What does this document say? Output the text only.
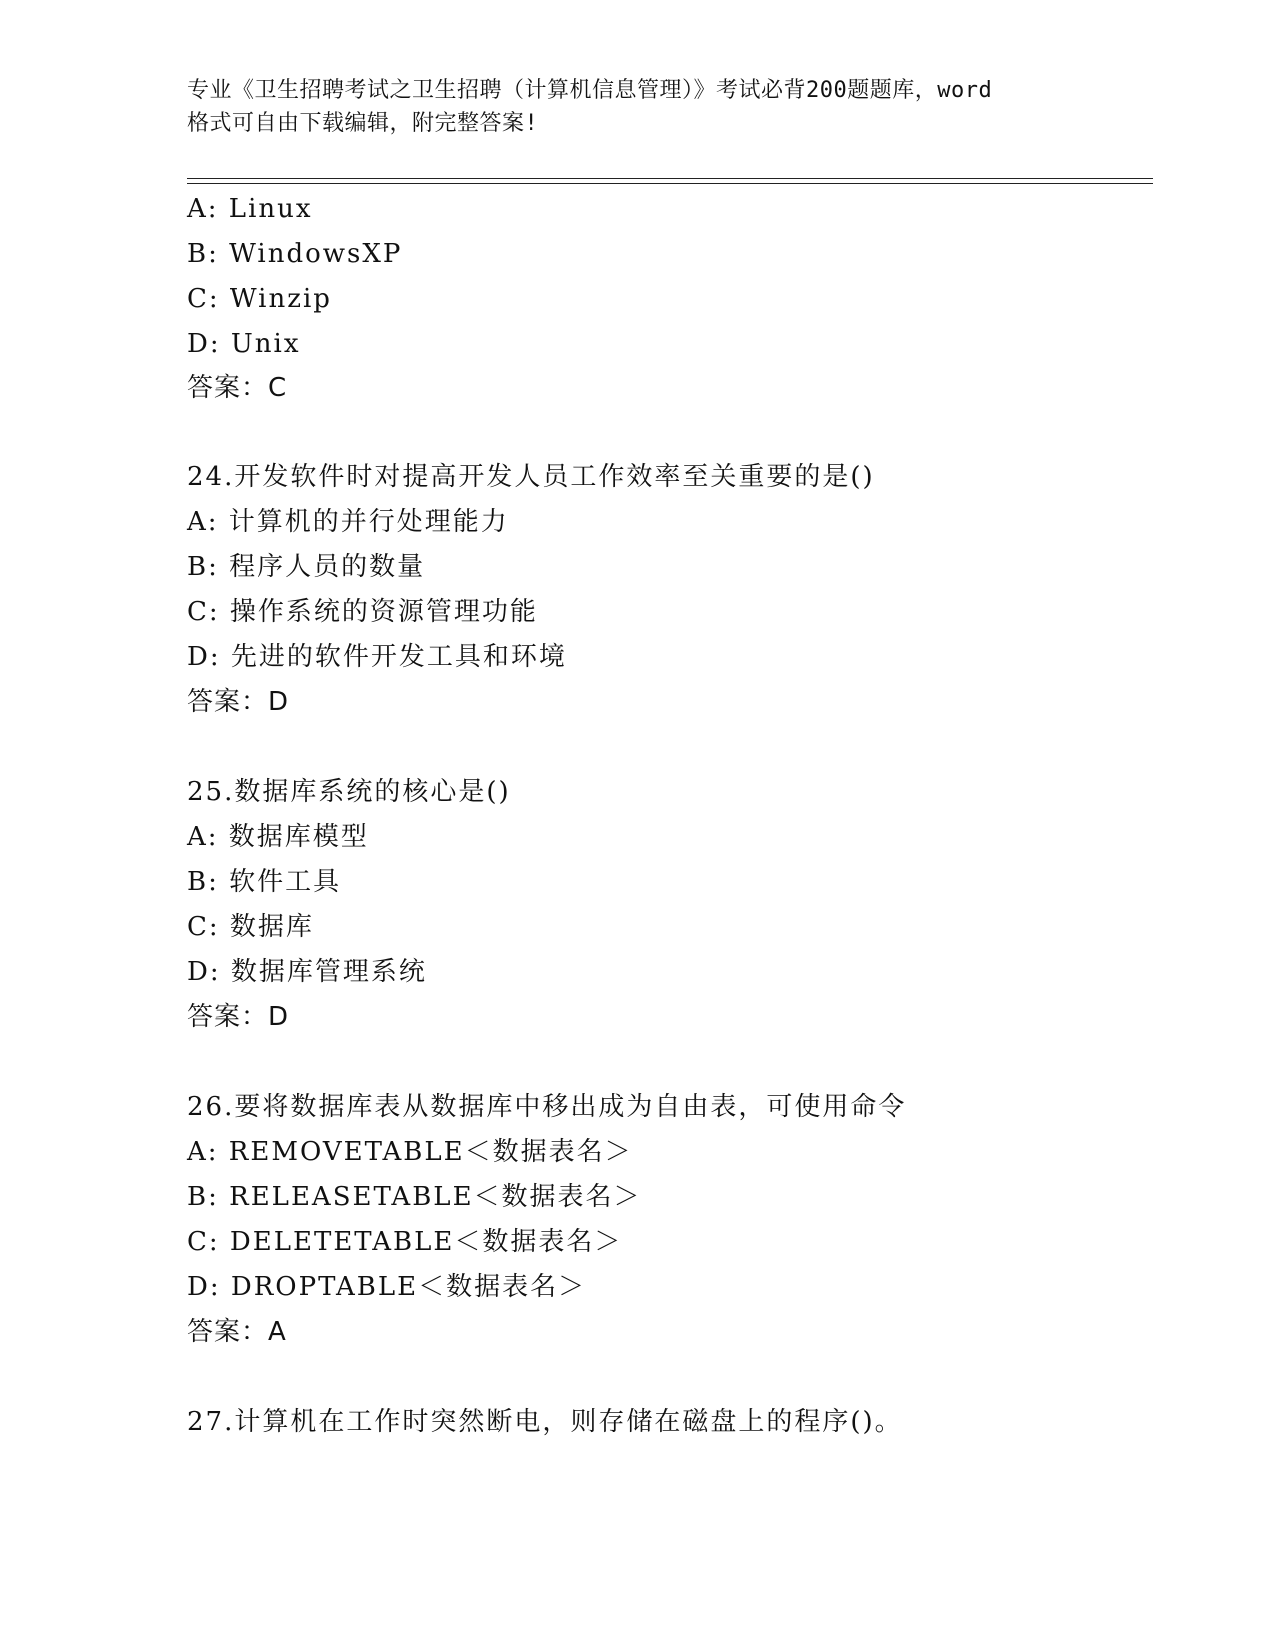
专业《卫生招聘考试之卫生招聘（计算机信息管理）》考试必背200题题库，word
格式可自由下载编辑，附完整答案!
A: Linux
B: WindowsXP
C: Winzip
D: Unix
答案：C
24.开发软件时对提高开发人员工作效率至关重要的是()
A: 计算机的并行处理能力
B: 程序人员的数量
C: 操作系统的资源管理功能
D: 先进的软件开发工具和环境
答案：D
25.数据库系统的核心是()
A: 数据库模型
B: 软件工具
C: 数据库
D: 数据库管理系统
答案：D
26.要将数据库表从数据库中移出成为自由表，可使用命令
A: REMOVETABLE＜数据表名＞
B: RELEASETABLE＜数据表名＞
C: DELETETABLE＜数据表名＞
D: DROPTABLE＜数据表名＞
答案：A
27.计算机在工作时突然断电，则存储在磁盘上的程序()。
